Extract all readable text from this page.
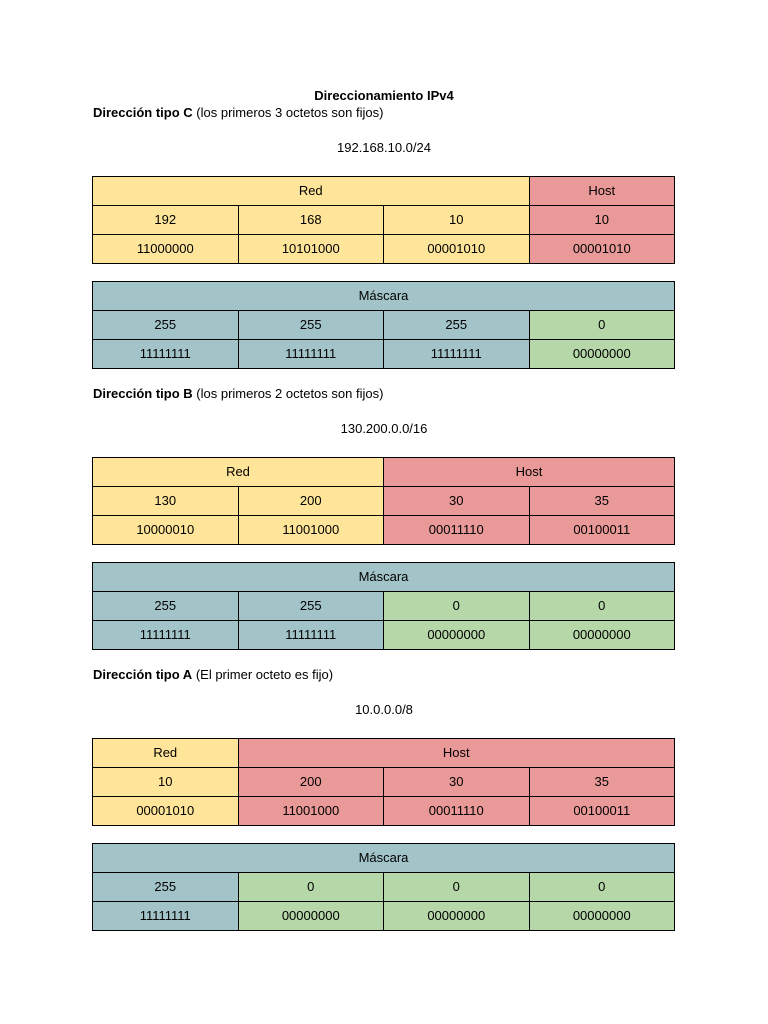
Direccionamiento IPv4
Dirección tipo C (los primeros 3 octetos son fijos)
192.168.10.0/24
Red			Host
192	168	10	10
11000000	10101000	00001010	00001010
Máscara			
255	255	255	0
11111111	11111111	11111111	00000000
Dirección tipo B (los primeros 2 octetos son fijos)
130.200.0.0/16
Red		Host	
130	200	30	35
10000010	11001000	00011110	00100011
Máscara			
255	255	0	0
11111111	11111111	00000000	00000000
Dirección tipo A (El primer octeto es fijo)
10.0.0.0/8
Red	Host		
10	200	30	35
00001010	11001000	00011110	00100011
Máscara			
255	0	0	0
11111111	00000000	00000000	00000000
